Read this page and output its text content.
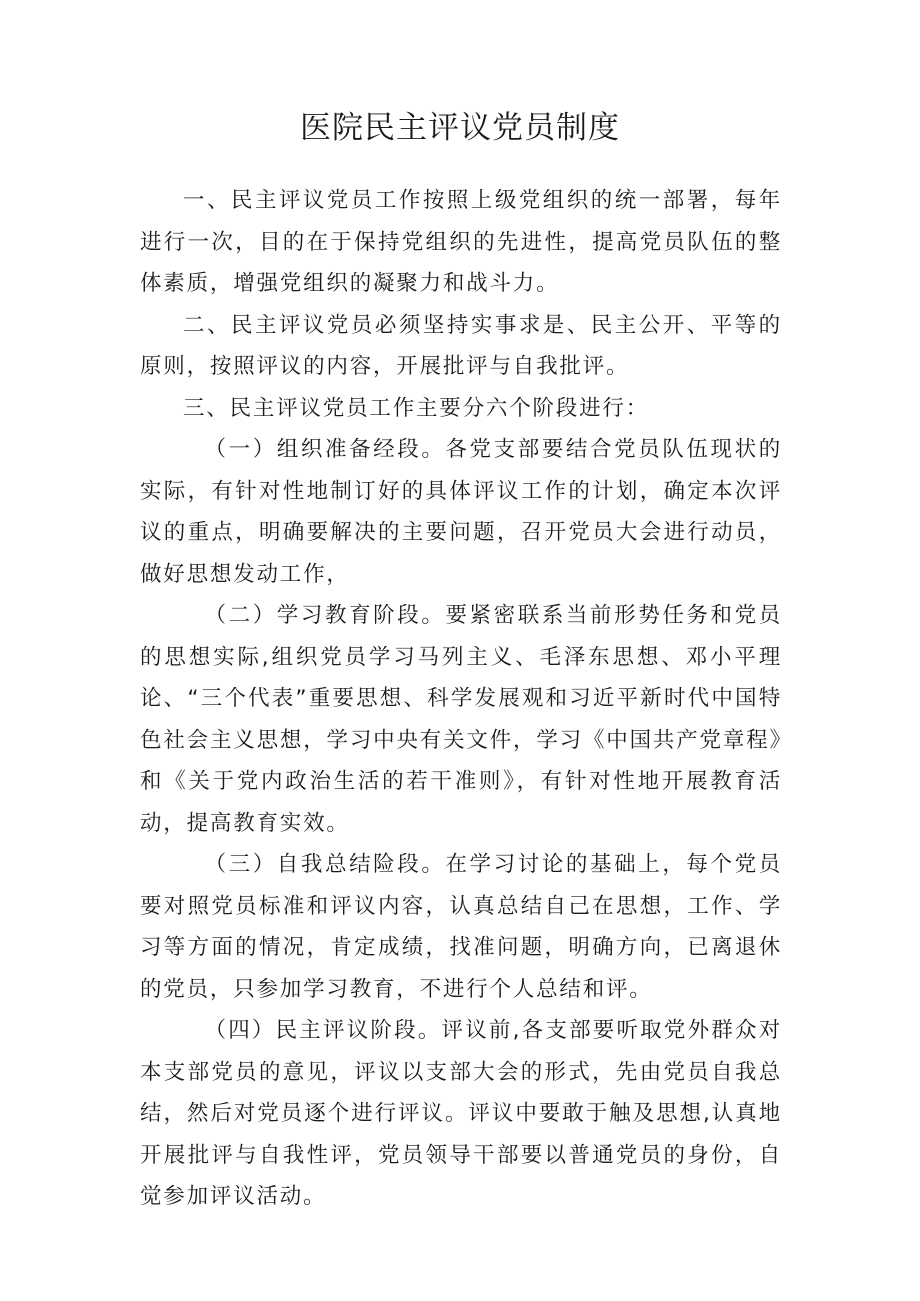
医院民主评议党员制度

一、民主评议党员工作按照上级党组织的统一部署，每年进行一次，目的在于保持党组织的先进性，提高党员队伍的整体素质，增强党组织的凝聚力和战斗力。

二、民主评议党员必须坚持实事求是、民主公开、平等的原则，按照评议的内容，开展批评与自我批评。

三、民主评议党员工作主要分六个阶段进行：

（一）组织准备经段。各党支部要结合党员队伍现状的实际，有针对性地制订好的具体评议工作的计划，确定本次评议的重点，明确要解决的主要问题，召开党员大会进行动员，做好思想发动工作，

（二）学习教育阶段。要紧密联系当前形势任务和党员的思想实际,组织党员学习马列主义、毛泽东思想、邓小平理论、“三个代表”重要思想、科学发展观和习近平新时代中国特色社会主义思想，学习中央有关文件，学习《中国共产党章程》和《关于党内政治生活的若干准则》，有针对性地开展教育活动，提高教育实效。

（三）自我总结险段。在学习讨论的基础上，每个党员要对照党员标准和评议内容，认真总结自己在思想，工作、学习等方面的情况，肯定成绩，找准问题，明确方向，已离退休的党员，只参加学习教育，不进行个人总结和评。

（四）民主评议阶段。评议前,各支部要听取党外群众对本支部党员的意见，评议以支部大会的形式，先由党员自我总结，然后对党员逐个进行评议。评议中要敢于触及思想,认真地开展批评与自我性评，党员领导干部要以普通党员的身份，自觉参加评议活动。
